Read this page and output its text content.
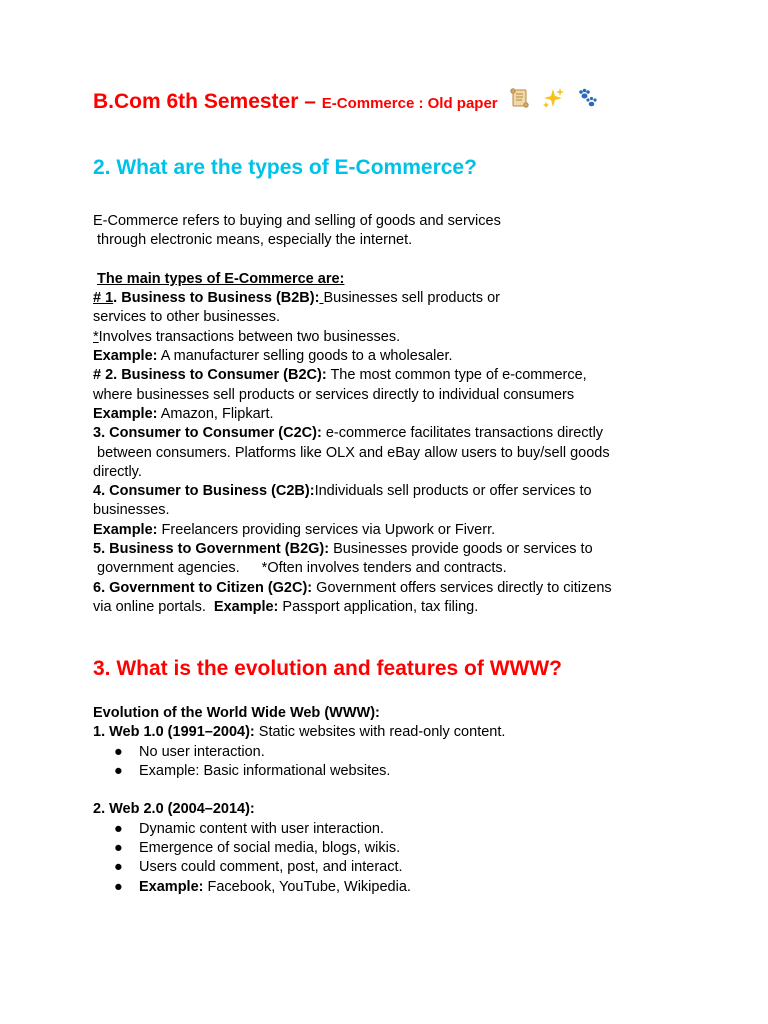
B.Com 6th Semester – E-Commerce : Old paper
2. What are the types of E-Commerce?

E-Commerce refers to buying and selling of goods and services

through electronic means, especially the internet.

The main types of E-Commerce are:

# 1. Business to Business (B2B): Businesses sell products or

services to other businesses.

*Involves transactions between two businesses.

Example: A manufacturer selling goods to a wholesaler.

# 2. Business to Consumer (B2C): The most common type of e-commerce,

where businesses sell products or services directly to individual consumers

Example: Amazon, Flipkart.

3. Consumer to Consumer (C2C): e-commerce facilitates transactions directly

between consumers. Platforms like OLX and eBay allow users to buy/sell goods

directly.

4. Consumer to Business (C2B):Individuals sell products or offer services to

businesses.

Example: Freelancers providing services via Upwork or Fiverr.

5. Business to Government (B2G): Businesses provide goods or services to

government agencies. *Often involves tenders and contracts.

6. Government to Citizen (G2C): Government offers services directly to citizens

via online portals. Example: Passport application, tax filing.

3. What is the evolution and features of WWW?

Evolution of the World Wide Web (WWW):

1. Web 1.0 (1991–2004): Static websites with read-only content.

● No user interaction.
● Example: Basic informational websites.

2. Web 2.0 (2004–2014):

● Dynamic content with user interaction.
● Emergence of social media, blogs, wikis.
● Users could comment, post, and interact.
● Example: Facebook, YouTube, Wikipedia.
